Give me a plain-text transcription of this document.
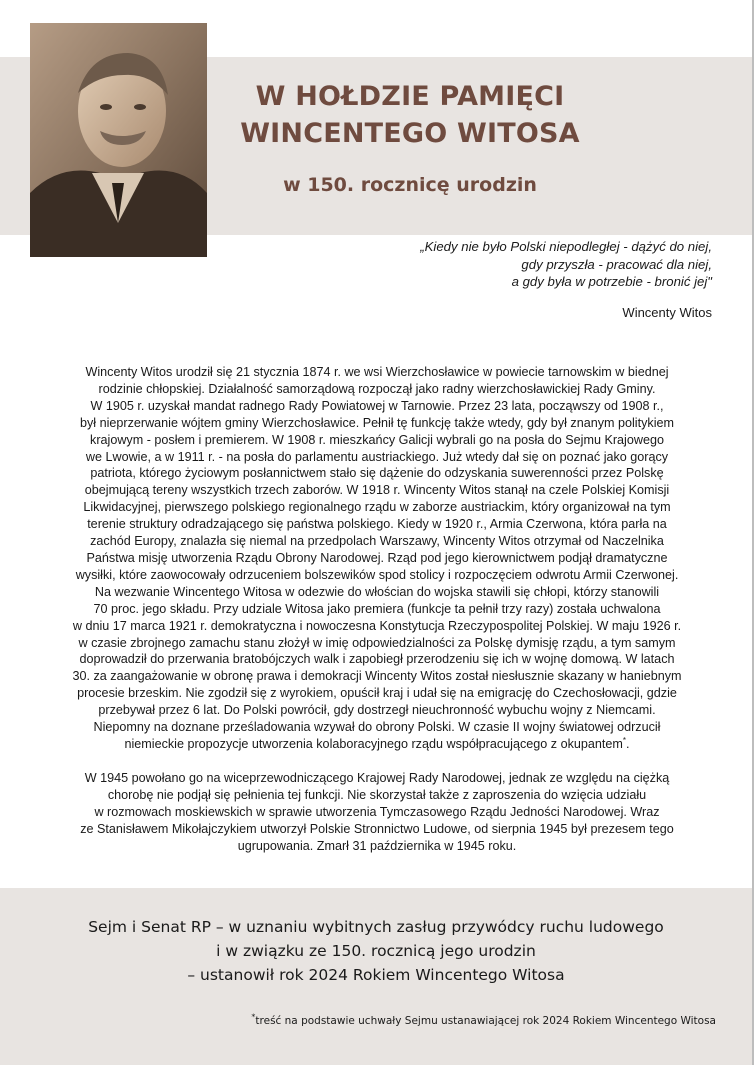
W HOŁDZIE PAMIĘCI
WINCENTEGO WITOSA
w 150. rocznicę urodzin
„Kiedy nie było Polski niepodległej - dążyć do niej,
gdy przyszła - pracować dla niej,
a gdy była w potrzebie - bronić jej"
Wincenty Witos
Wincenty Witos urodził się 21 stycznia 1874 r. we wsi Wierzchosławice w powiecie tarnowskim w biednej
rodzinie chłopskiej. Działalność samorządową rozpoczął jako radny wierzchosławickiej Rady Gminy.
W 1905 r. uzyskał mandat radnego Rady Powiatowej w Tarnowie. Przez 23 lata, począwszy od 1908 r.,
był nieprzerwanie wójtem gminy Wierzchosławice. Pełnił tę funkcję także wtedy, gdy był znanym politykiem
krajowym - posłem i premierem. W 1908 r. mieszkańcy Galicji wybrali go na posła do Sejmu Krajowego
we Lwowie, a w 1911 r. - na posła do parlamentu austriackiego. Już wtedy dał się on poznać jako gorący
patriota, którego życiowym posłannictwem stało się dążenie do odzyskania suwerenności przez Polskę
obejmującą tereny wszystkich trzech zaborów. W 1918 r. Wincenty Witos stanął na czele Polskiej Komisji
Likwidacyjnej, pierwszego polskiego regionalnego rządu w zaborze austriackim, który organizował na tym
terenie struktury odradzającego się państwa polskiego. Kiedy w 1920 r., Armia Czerwona, która parła na
zachód Europy, znalazła się niemal na przedpolach Warszawy, Wincenty Witos otrzymał od Naczelnika
Państwa misję utworzenia Rządu Obrony Narodowej. Rząd pod jego kierownictwem podjął dramatyczne
wysiłki, które zaowocowały odrzuceniem bolszewików spod stolicy i rozpoczęciem odwrotu Armii Czerwonej.
Na wezwanie Wincentego Witosa w odezwie do włościan do wojska stawili się chłopi, którzy stanowili
70 proc. jego składu. Przy udziale Witosa jako premiera (funkcje ta pełnił trzy razy) została uchwalona
w dniu 17 marca 1921 r. demokratyczna i nowoczesna Konstytucja Rzeczypospolitej Polskiej. W maju 1926 r.
w czasie zbrojnego zamachu stanu złożył w imię odpowiedzialności za Polskę dymisję rządu, a tym samym
doprowadził do przerwania bratobójczych walk i zapobiegł przerodzeniu się ich w wojnę domową. W latach
30. za zaangażowanie w obronę prawa i demokracji Wincenty Witos został niesłusznie skazany w haniebnym
procesie brzeskim. Nie zgodził się z wyrokiem, opuścił kraj i udał się na emigrację do Czechosłowacji, gdzie
przebywał przez 6 lat. Do Polski powrócił, gdy dostrzegł nieuchronność wybuchu wojny z Niemcami.
Niepomny na doznane prześladowania wzywał do obrony Polski. W czasie II wojny światowej odrzucił
niemieckie propozycje utworzenia kolaboracyjnego rządu współpracującego z okupantem*.
W 1945 powołano go na wiceprzewodniczącego Krajowej Rady Narodowej, jednak ze względu na ciężką
chorobę nie podjął się pełnienia tej funkcji. Nie skorzystał także z zaproszenia do wzięcia udziału
w rozmowach moskiewskich w sprawie utworzenia Tymczasowego Rządu Jedności Narodowej. Wraz
ze Stanisławem Mikołajczykiem utworzył Polskie Stronnictwo Ludowe, od sierpnia 1945 był prezesem tego
ugrupowania. Zmarł 31 października w 1945 roku.
Sejm i Senat RP – w uznaniu wybitnych zasług przywódcy ruchu ludowego
i w związku ze 150. rocznicą jego urodzin
– ustanowił rok 2024 Rokiem Wincentego Witosa
*treść na podstawie uchwały Sejmu ustanawiającej rok 2024 Rokiem Wincentego Witosa
